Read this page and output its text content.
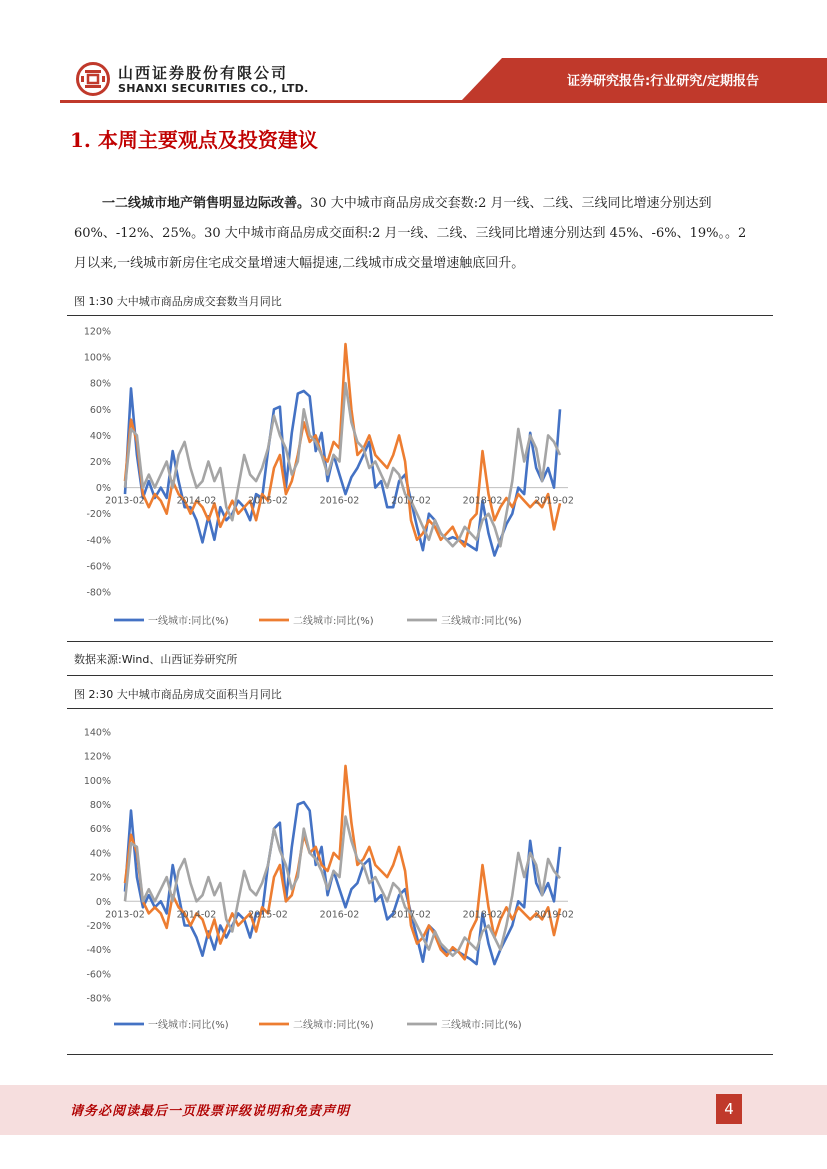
山西证券股份有限公司
SHANXI SECURITIES CO., LTD.	证券研究报告:行业研究/定期报告
1. 本周主要观点及投资建议

一二线城市地产销售明显边际改善。30 大中城市商品房成交套数:2 月一线、二线、三线同比增速分别达到 60%、-12%、25%。30 大中城市商品房成交面积:2 月一线、二线、三线同比增速分别达到 45%、-6%、19%。。2 月以来,一线城市新房住宅成交量增速大幅提速,二线城市成交量增速触底回升。

图 1:30 大中城市商品房成交套数当月同比
120%
100%
80%
60%
40%
20%
0%
-20%
-40%
-60%
-80%
2013-02	2014-02	2015-02	2016-02	2017-02	2018-02	2019-02
一线城市:同比(%)	二线城市:同比(%)	三线城市:同比(%)
数据来源:Wind、山西证券研究所
图 2:30 大中城市商品房成交面积当月同比
140%
120%
100%
80%
60%
40%
20%
0%
-20%
-40%
-60%
-80%
2013-02	2014-02	2015-02	2016-02	2017-02	2018-02	2019-02
一线城市:同比(%)	二线城市:同比(%)	三线城市:同比(%)
请务必阅读最后一页股票评级说明和免责声明	4
